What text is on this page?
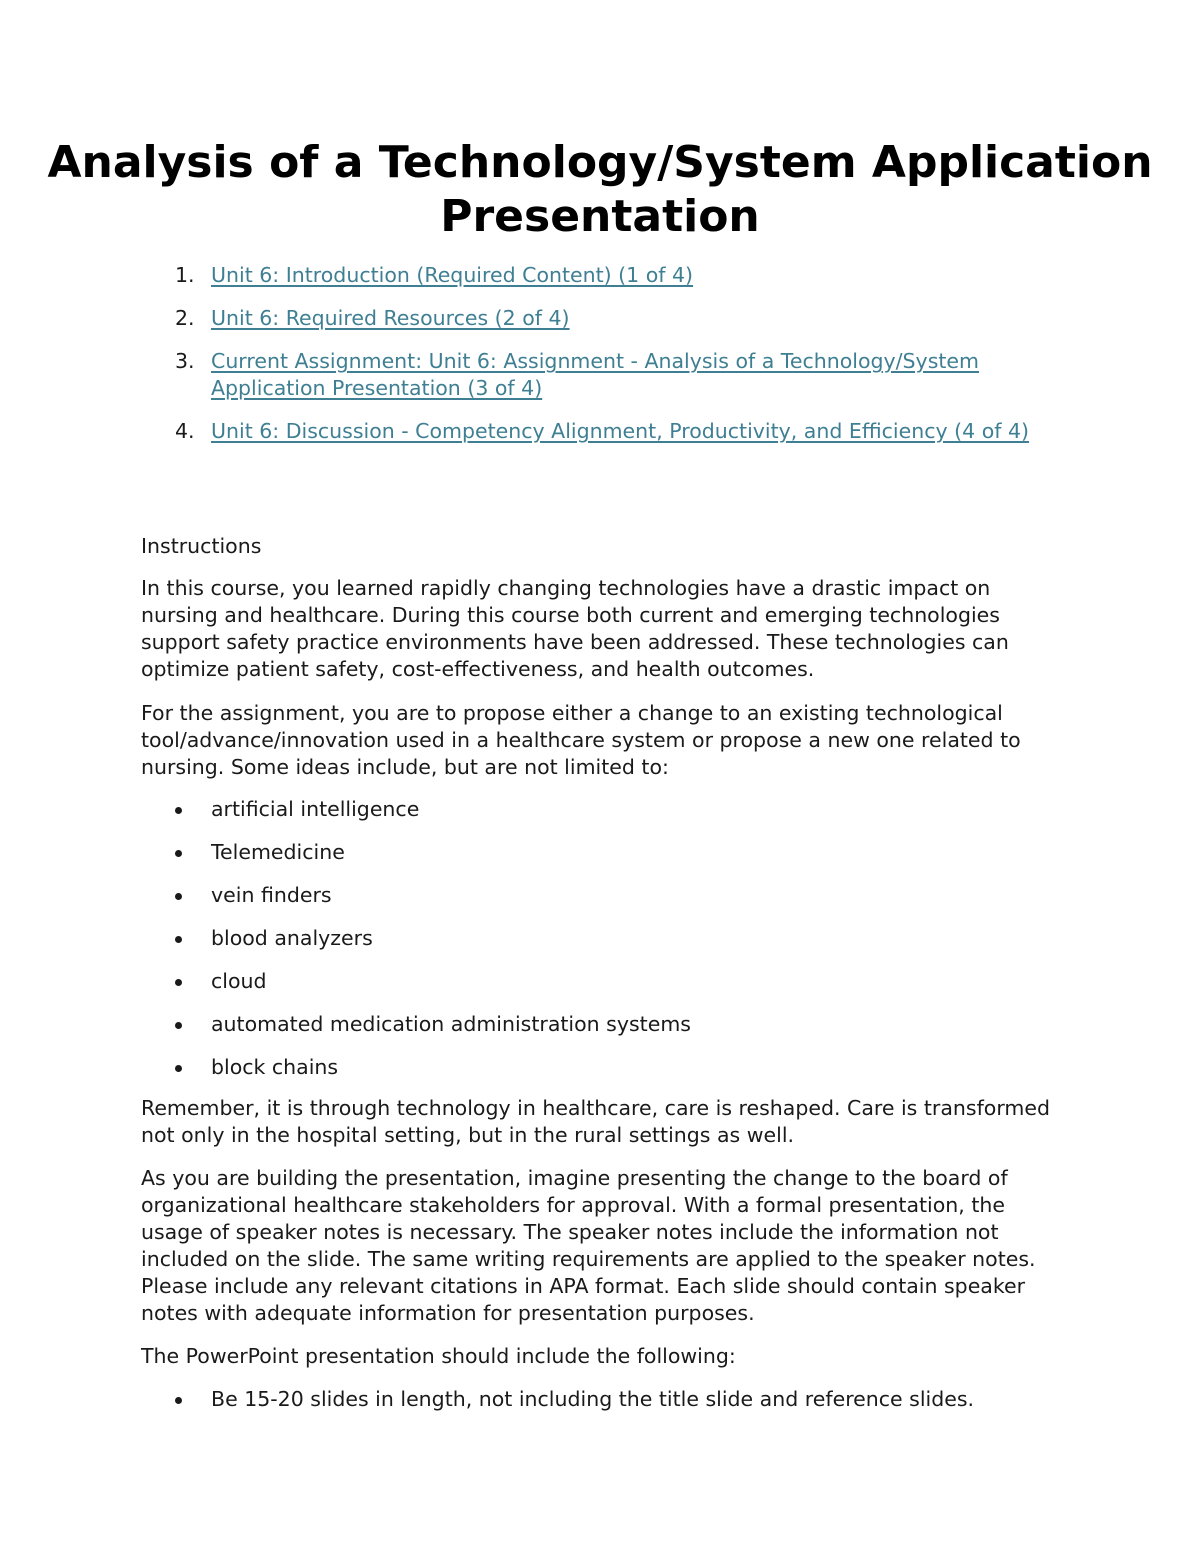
Analysis of a Technology/System Application Presentation
1. Unit 6: Introduction (Required Content) (1 of 4)
2. Unit 6: Required Resources (2 of 4)
3. Current Assignment: Unit 6: Assignment - Analysis of a Technology/System Application Presentation (3 of 4)
4. Unit 6: Discussion - Competency Alignment, Productivity, and Efficiency (4 of 4)

Instructions

In this course, you learned rapidly changing technologies have a drastic impact on nursing and healthcare. During this course both current and emerging technologies support safety practice environments have been addressed. These technologies can optimize patient safety, cost-effectiveness, and health outcomes.

For the assignment, you are to propose either a change to an existing technological tool/advance/innovation used in a healthcare system or propose a new one related to nursing. Some ideas include, but are not limited to:

artificial intelligence
Telemedicine
vein finders
blood analyzers
cloud
automated medication administration systems
block chains

Remember, it is through technology in healthcare, care is reshaped. Care is transformed not only in the hospital setting, but in the rural settings as well.

As you are building the presentation, imagine presenting the change to the board of organizational healthcare stakeholders for approval. With a formal presentation, the usage of speaker notes is necessary. The speaker notes include the information not included on the slide. The same writing requirements are applied to the speaker notes. Please include any relevant citations in APA format. Each slide should contain speaker notes with adequate information for presentation purposes.

The PowerPoint presentation should include the following:

Be 15-20 slides in length, not including the title slide and reference slides.
